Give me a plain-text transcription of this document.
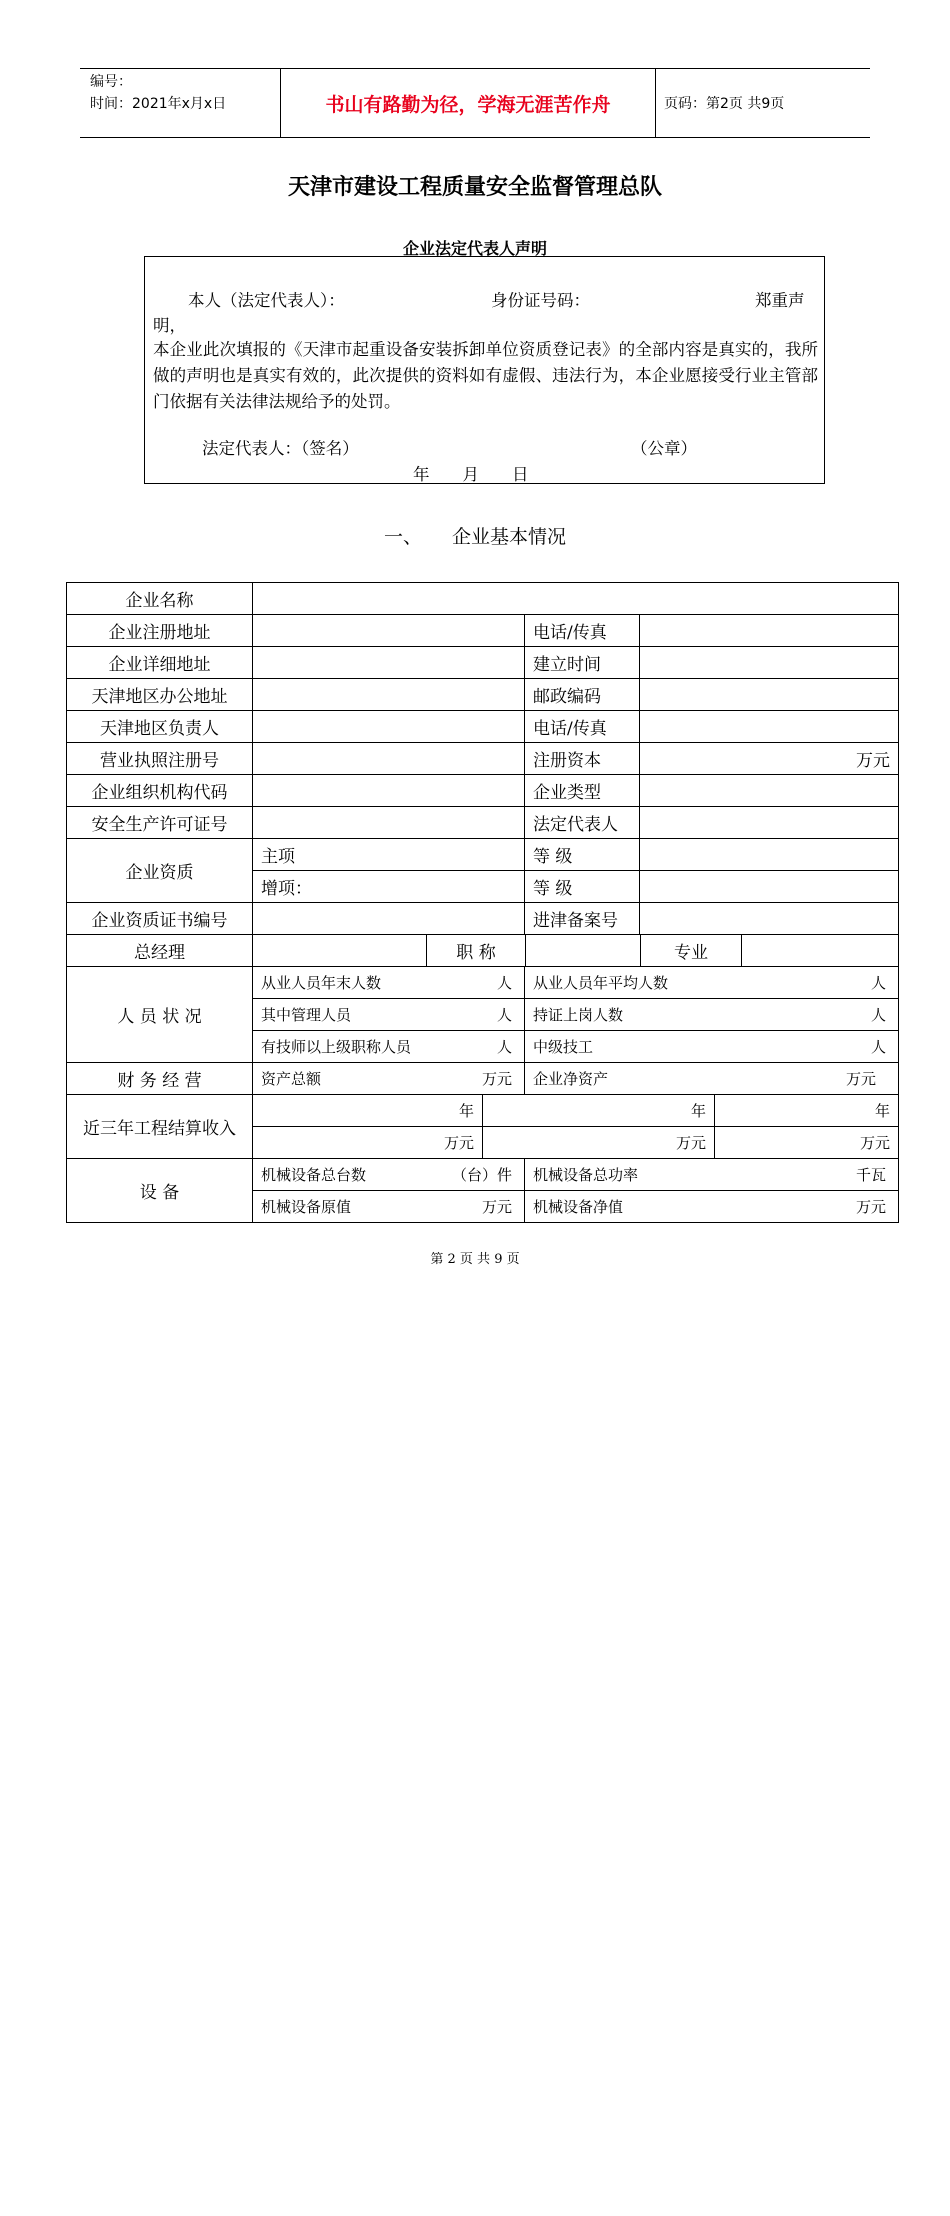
编号：
时间：2021年x月x日	书山有路勤为径，学海无涯苦作舟	页码：第2页 共9页
天津市建设工程质量安全监督管理总队
企业法定代表人声明
本人（法定代表人）：	身份证号码：	郑重声
明，
本企业此次填报的《天津市起重设备安装拆卸单位资质登记表》的全部内容是真实的，我所做的声明也是真实有效的，此次提供的资料如有虚假、违法行为，本企业愿接受行业主管部门依据有关法律法规给予的处罚。
法定代表人：（签名）	（公章）
年　　月　　日
一、 企业基本情况
企业名称
企业注册地址	电话/传真
企业详细地址	建立时间
天津地区办公地址	邮政编码
天津地区负责人	电话/传真
营业执照注册号	注册资本	万元
企业组织机构代码	企业类型
安全生产许可证号	法定代表人
企业资质
主项	等 级
增项：	等 级
企业资质证书编号	进津备案号
总经理	职 称	专业
人 员 状 况
从业人员年末人数	人 从业人员年平均人数	人
其中管理人员	人 持证上岗人数	人
有技师以上级职称人员	人 中级技工	人
财 务 经 营	资产总额	万元 企业净资产	万元
近三年工程结算收入
年	年	年
万元	万元	万元
设 备
机械设备总台数	（台）件 机械设备总功率	千瓦
机械设备原值	万元 机械设备净值	万元
第 2 页 共 9 页
